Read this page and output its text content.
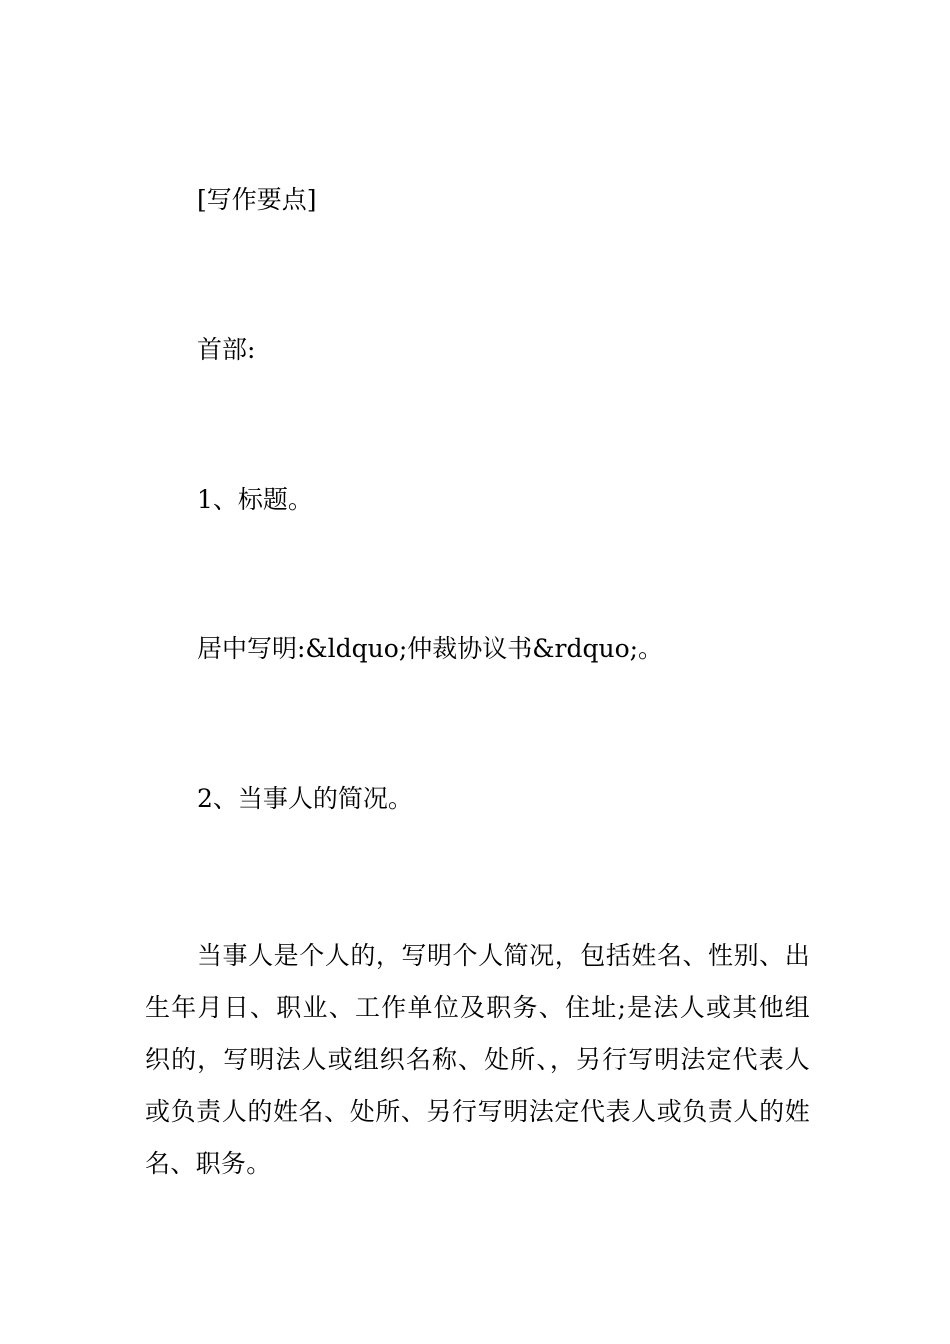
[写作要点]
首部:
1、标题。
居中写明:&ldquo;仲裁协议书&rdquo;。
2、当事人的简况。
当事人是个人的，写明个人简况，包括姓名、性别、出生年月日、职业、工作单位及职务、住址;是法人或其他组织的，写明法人或组织名称、处所、，另行写明法定代表人或负责人的姓名、处所、另行写明法定代表人或负责人的姓名、职务。
